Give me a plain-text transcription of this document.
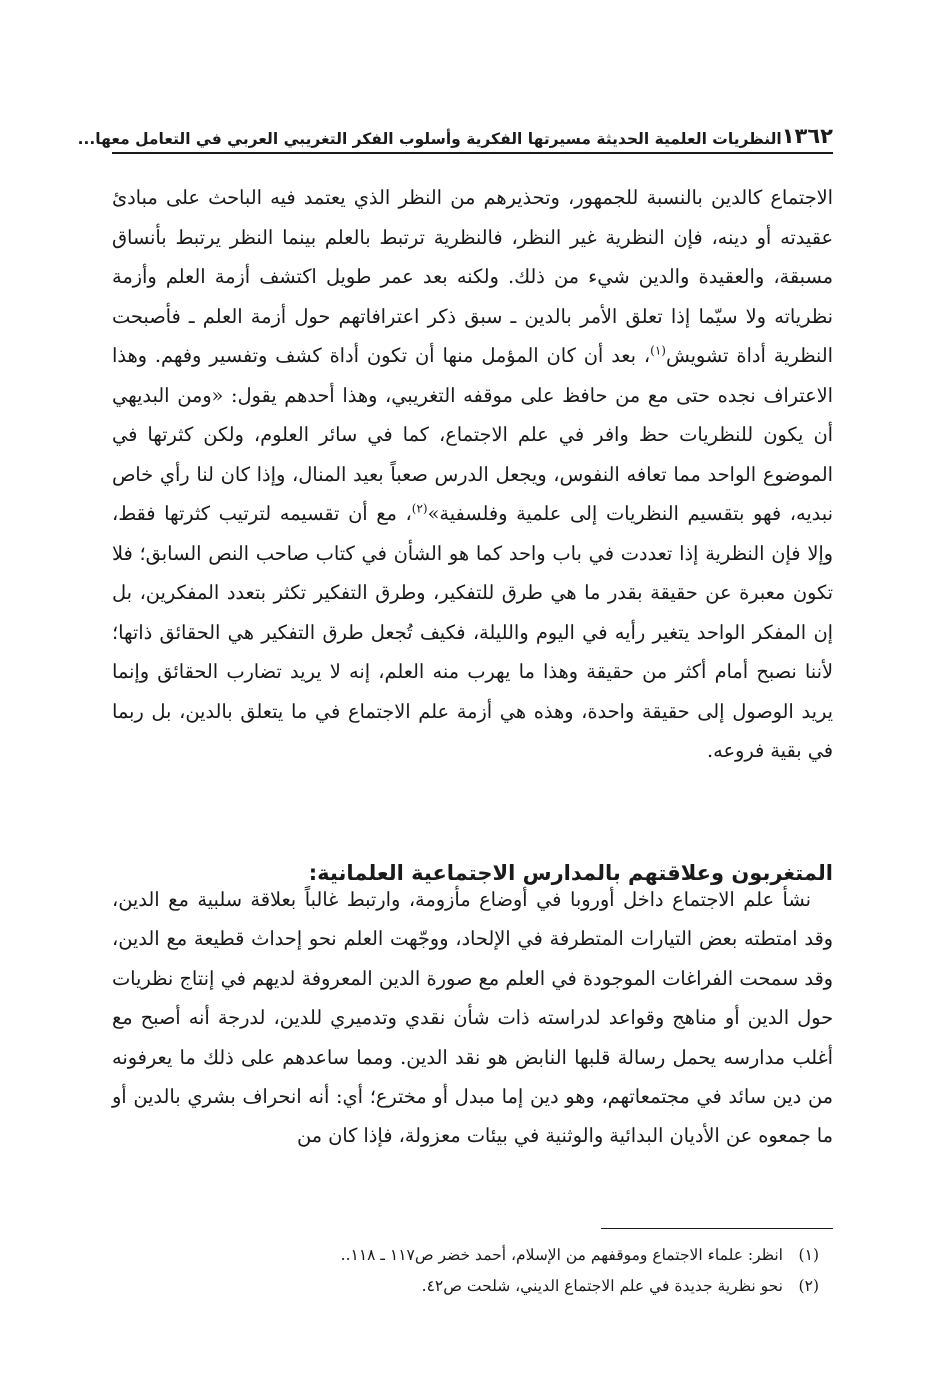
١٣٦٢
النظريات العلمية الحديثة مسيرتها الفكرية وأسلوب الفكر التغريبي العربي في التعامل معها...

الاجتماع كالدين بالنسبة للجمهور، وتحذيرهم من النظر الذي يعتمد فيه الباحث على مبادئ عقيدته أو دينه، فإن النظرية غير النظر، فالنظرية ترتبط بالعلم بينما النظر يرتبط بأنساق مسبقة، والعقيدة والدين شيء من ذلك. ولكنه بعد عمر طويل اكتشف أزمة العلم وأزمة نظرياته ولا سيّما إذا تعلق الأمر بالدين ـ سبق ذكر اعترافاتهم حول أزمة العلم ـ فأصبحت النظرية أداة تشويش$^{(١)}$، بعد أن كان المؤمل منها أن تكون أداة كشف وتفسير وفهم. وهذا الاعتراف نجده حتى مع من حافظ على موقفه التغريبي، وهذا أحدهم يقول: «ومن البديهي أن يكون للنظريات حظ وافر في علم الاجتماع، كما في سائر العلوم، ولكن كثرتها في الموضوع الواحد مما تعافه النفوس، ويجعل الدرس صعباً بعيد المنال، وإذا كان لنا رأي خاص نبديه، فهو بتقسيم النظريات إلى علمية وفلسفية»$^{(٢)}$، مع أن تقسيمه لترتيب كثرتها فقط، وإلا فإن النظرية إذا تعددت في باب واحد كما هو الشأن في كتاب صاحب النص السابق؛ فلا تكون معبرة عن حقيقة بقدر ما هي طرق للتفكير، وطرق التفكير تكثر بتعدد المفكرين، بل إن المفكر الواحد يتغير رأيه في اليوم والليلة، فكيف تُجعل طرق التفكير هي الحقائق ذاتها؛ لأننا نصبح أمام أكثر من حقيقة وهذا ما يهرب منه العلم، إنه لا يريد تضارب الحقائق وإنما يريد الوصول إلى حقيقة واحدة، وهذه هي أزمة علم الاجتماع في ما يتعلق بالدين، بل ربما في بقية فروعه.

المتغربون وعلاقتهم بالمدارس الاجتماعية العلمانية:

نشأ علم الاجتماع داخل أوروبا في أوضاع مأزومة، وارتبط غالباً بعلاقة سلبية مع الدين، وقد امتطته بعض التيارات المتطرفة في الإلحاد، ووجّهت العلم نحو إحداث قطيعة مع الدين، وقد سمحت الفراغات الموجودة في العلم مع صورة الدين المعروفة لديهم في إنتاج نظريات حول الدين أو مناهج وقواعد لدراسته ذات شأن نقدي وتدميري للدين، لدرجة أنه أصبح مع أغلب مدارسه يحمل رسالة قلبها النابض هو نقد الدين. ومما ساعدهم على ذلك ما يعرفونه من دين سائد في مجتمعاتهم، وهو دين إما مبدل أو مخترع؛ أي: أنه انحراف بشري بالدين أو ما جمعوه عن الأديان البدائية والوثنية في بيئات معزولة، فإذا كان من

(١)
انظر: علماء الاجتماع وموقفهم من الإسلام، أحمد خضر ص١١٧ ـ ١١٨..
(٢)
نحو نظرية جديدة في علم الاجتماع الديني، شلحت ص٤٢.
